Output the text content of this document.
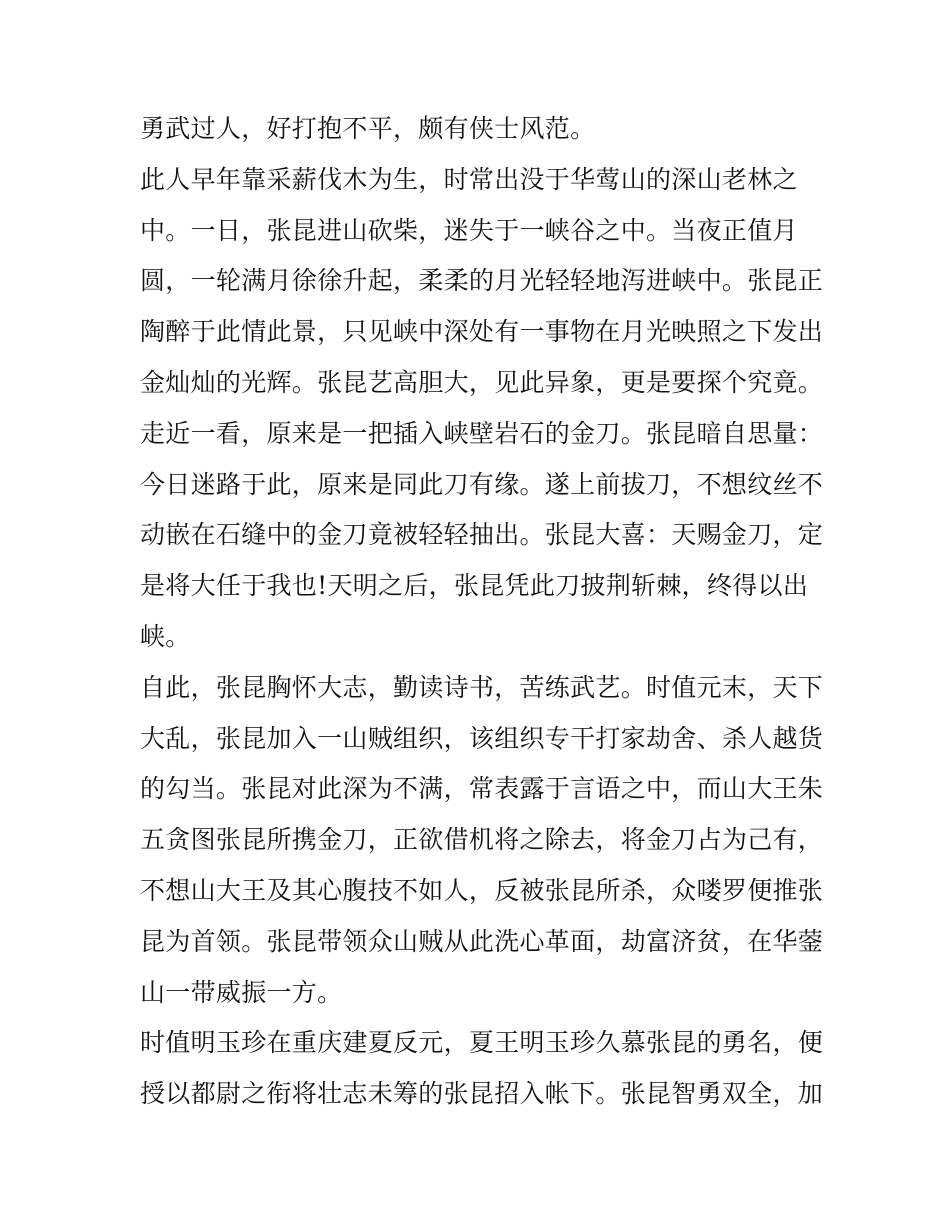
勇武过人，好打抱不平，颇有侠士风范。
此人早年靠采薪伐木为生，时常出没于华莺山的深山老林之
中。一日，张昆进山砍柴，迷失于一峡谷之中。当夜正值月
圆，一轮满月徐徐升起，柔柔的月光轻轻地泻进峡中。张昆正
陶醉于此情此景，只见峡中深处有一事物在月光映照之下发出
金灿灿的光辉。张昆艺高胆大，见此异象，更是要探个究竟。
走近一看，原来是一把插入峡壁岩石的金刀。张昆暗自思量：
今日迷路于此，原来是同此刀有缘。遂上前拔刀，不想纹丝不
动嵌在石缝中的金刀竟被轻轻抽出。张昆大喜：天赐金刀，定
是将大任于我也!天明之后，张昆凭此刀披荆斩棘，终得以出
峡。
自此，张昆胸怀大志，勤读诗书，苦练武艺。时值元末，天下
大乱，张昆加入一山贼组织，该组织专干打家劫舍、杀人越货
的勾当。张昆对此深为不满，常表露于言语之中，而山大王朱
五贪图张昆所携金刀，正欲借机将之除去，将金刀占为己有，
不想山大王及其心腹技不如人，反被张昆所杀，众喽罗便推张
昆为首领。张昆带领众山贼从此洗心革面，劫富济贫，在华蓥
山一带威振一方。
时值明玉珍在重庆建夏反元，夏王明玉珍久慕张昆的勇名，便
授以都尉之衔将壮志未筹的张昆招入帐下。张昆智勇双全，加
